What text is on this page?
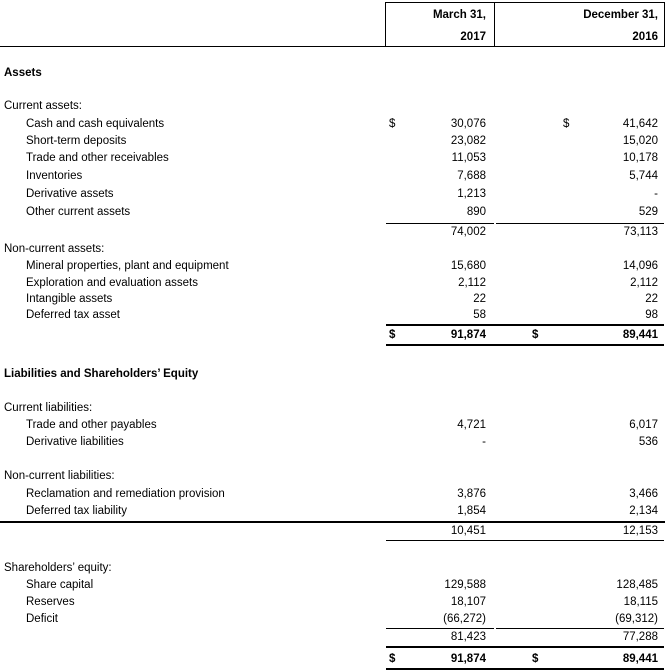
March 31,
2017
December 31,
2016
Assets
Current assets:
Cash and cash equivalents	$	30,076	$	41,642
Short-term deposits	23,082	15,020
Trade and other receivables	11,053	10,178
Inventories	7,688	5,744
Derivative assets	1,213	-
Other current assets	890	529
74,002	73,113
Non-current assets:
Mineral properties, plant and equipment	15,680	14,096
Exploration and evaluation assets	2,112	2,112
Intangible assets	22	22
Deferred tax asset	58	98
$	91,874	$	89,441
Liabilities and Shareholders’ Equity
Current liabilities:
Trade and other payables	4,721	6,017
Derivative liabilities	-	536
Non-current liabilities:
Reclamation and remediation provision	3,876	3,466
Deferred tax liability	1,854	2,134
10,451	12,153
Shareholders’ equity:
Share capital	129,588	128,485
Reserves	18,107	18,115
Deficit	(66,272)	(69,312)
81,423	77,288
$	91,874	$	89,441
